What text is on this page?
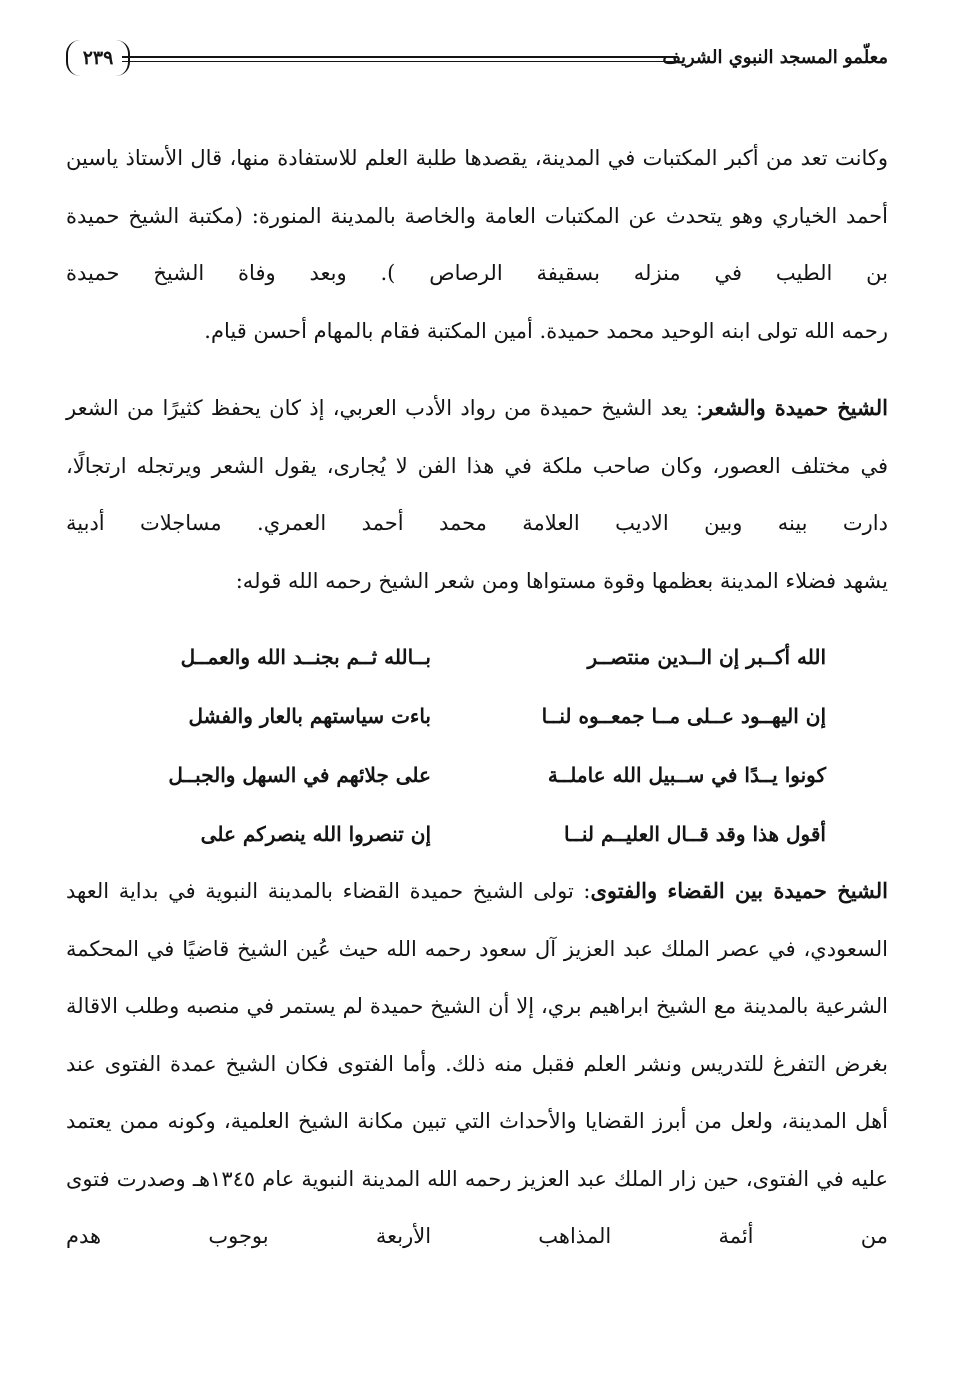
معلّمو المسجد النبوي الشريف
٢٣٩

وكانت تعد من أكبر المكتبات في المدينة، يقصدها طلبة العلم للاستفادة منها، قال الأستاذ ياسين أحمد الخياري وهو يتحدث عن المكتبات العامة والخاصة بالمدينة المنورة: (مكتبة الشيخ حميدة بن الطيب في منزله بسقيفة الرصاص ). وبعد وفاة الشيخ حميدة

رحمه الله تولى ابنه الوحيد محمد حميدة. أمين المكتبة فقام بالمهام أحسن قيام.

الشيخ حميدة والشعر: يعد الشيخ حميدة من رواد الأدب العربي، إذ كان يحفظ كثيرًا من الشعر في مختلف العصور، وكان صاحب ملكة في هذا الفن لا يُجارى، يقول الشعر ويرتجله ارتجالًا، دارت بينه وبين الاديب العلامة محمد أحمد العمري. مساجلات أدبية

يشهد فضلاء المدينة بعظمها وقوة مستواها ومن شعر الشيخ رحمه الله قوله:

الله أكــبر إن الــدين منتصــر
بــالله ثــم بجنــد الله والعمــل
إن اليهــود عــلى مــا جمعــوه لنــا
باءت سياستهم بالعار والفشل
كونوا يــدًا في ســبيل الله عاملــة
على جلائهم في السهل والجبــل
أقول هذا وقد قــال العليــم لنــا
إن تنصروا الله ينصركم على

الشيخ حميدة بين القضاء والفتوى: تولى الشيخ حميدة القضاء بالمدينة النبوية في بداية العهد السعودي، في عصر الملك عبد العزيز آل سعود رحمه الله حيث عُين الشيخ قاضيًا في المحكمة الشرعية بالمدينة مع الشيخ ابراهيم بري، إلا أن الشيخ حميدة لم يستمر في منصبه وطلب الاقالة بغرض التفرغ للتدريس ونشر العلم فقبل منه ذلك. وأما الفتوى فكان الشيخ عمدة الفتوى عند أهل المدينة، ولعل من أبرز القضايا والأحداث التي تبين مكانة الشيخ العلمية، وكونه ممن يعتمد عليه في الفتوى، حين زار الملك عبد العزيز رحمه الله المدينة النبوية عام ١٣٤٥هـ وصدرت فتوى من أئمة المذاهب الأربعة بوجوب هدم
